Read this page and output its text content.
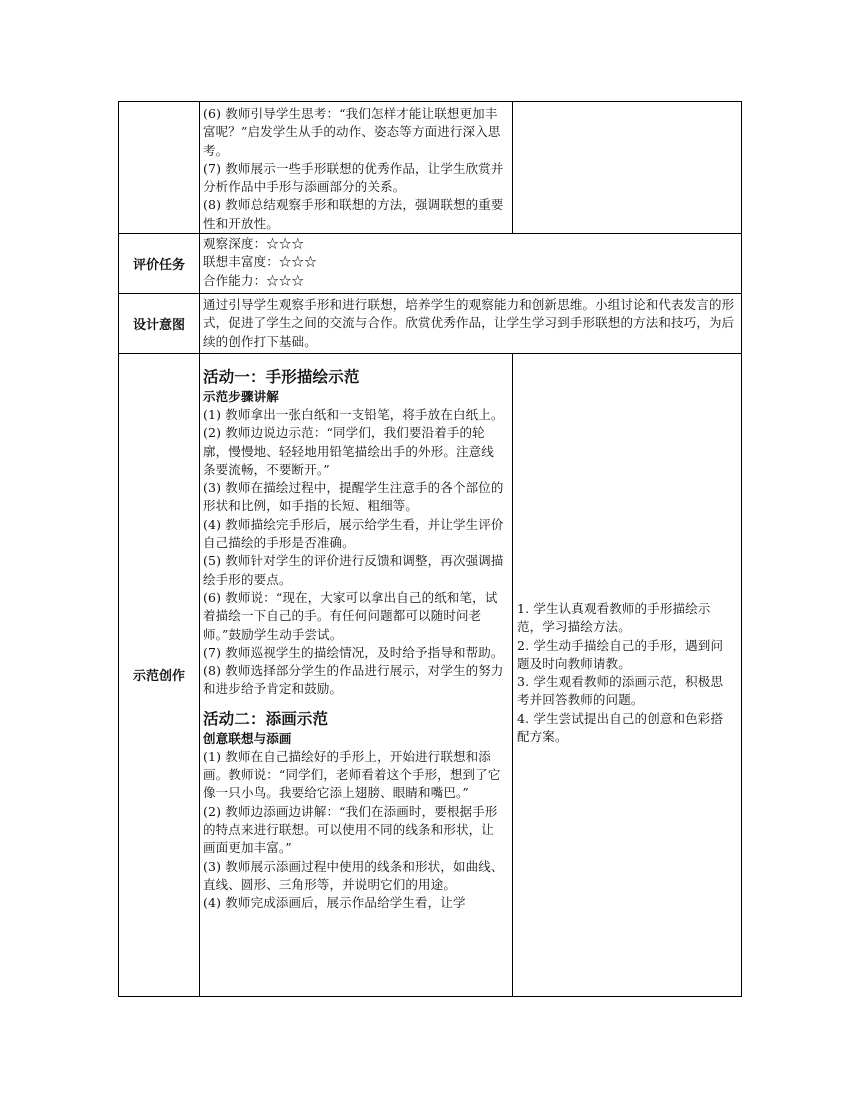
(6) 教师引导学生思考：“我们怎样才能让联想更加丰富呢？”启发学生从手的动作、姿态等方面进行深入思考。

(7) 教师展示一些手形联想的优秀作品，让学生欣赏并分析作品中手形与添画部分的关系。

(8) 教师总结观察手形和联想的方法，强调联想的重要性和开放性。

评价任务

观察深度：☆☆☆

联想丰富度：☆☆☆

合作能力：☆☆☆

设计意图
通过引导学生观察手形和进行联想，培养学生的观察能力和创新思维。小组讨论和代表发言的形式，促进了学生之间的交流与合作。欣赏优秀作品，让学生学习到手形联想的方法和技巧，为后续的创作打下基础。
示范创作

活动一：手形描绘示范

示范步骤讲解

(1) 教师拿出一张白纸和一支铅笔，将手放在白纸上。

(2) 教师边说边示范：“同学们，我们要沿着手的轮廓，慢慢地、轻轻地用铅笔描绘出手的外形。注意线条要流畅，不要断开。”

(3) 教师在描绘过程中，提醒学生注意手的各个部位的形状和比例，如手指的长短、粗细等。

(4) 教师描绘完手形后，展示给学生看，并让学生评价自己描绘的手形是否准确。

(5) 教师针对学生的评价进行反馈和调整，再次强调描绘手形的要点。

(6) 教师说：“现在，大家可以拿出自己的纸和笔，试着描绘一下自己的手。有任何问题都可以随时问老师。”鼓励学生动手尝试。

(7) 教师巡视学生的描绘情况，及时给予指导和帮助。

(8) 教师选择部分学生的作品进行展示，对学生的努力和进步给予肯定和鼓励。

活动二：添画示范

创意联想与添画

(1) 教师在自己描绘好的手形上，开始进行联想和添画。教师说：“同学们，老师看着这个手形，想到了它像一只小鸟。我要给它添上翅膀、眼睛和嘴巴。”

(2) 教师边添画边讲解：“我们在添画时，要根据手形的特点来进行联想。可以使用不同的线条和形状，让画面更加丰富。”

(3) 教师展示添画过程中使用的线条和形状，如曲线、直线、圆形、三角形等，并说明它们的用途。

(4) 教师完成添画后，展示作品给学生看，让学

1. 学生认真观看教师的手形描绘示范，学习描绘方法。

2. 学生动手描绘自己的手形，遇到问题及时向教师请教。

3. 学生观看教师的添画示范，积极思考并回答教师的问题。

4. 学生尝试提出自己的创意和色彩搭配方案。
